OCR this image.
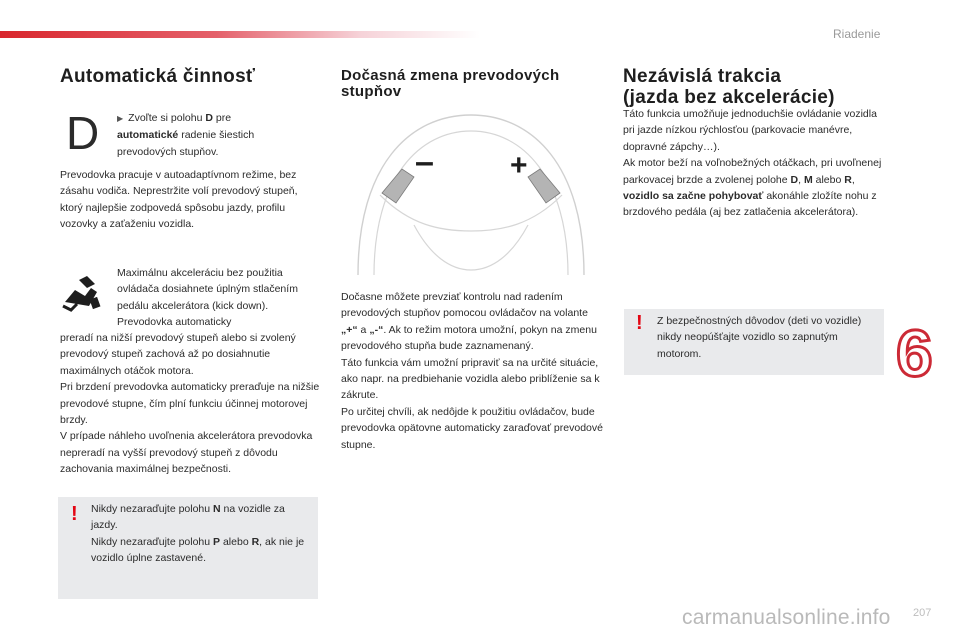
Riadenie
6
Automatická činnosť
D ▶ Zvoľte si polohu D pre
automatické radenie šiestich prevodových stupňov.
Prevodovka pracuje v autoadaptívnom režime, bez zásahu vodiča. Neprestržite volí prevodový stupeň, ktorý najlepšie zodpovedá spôsobu jazdy, profilu vozovky a zaťaženiu vozidla.
Maximálnu akceleráciu bez použitia ovládača dosiahnete úplným stlačením pedálu akcelerátora (kick down). Prevodovka automaticky
preradí na nižší prevodový stupeň alebo si zvolený prevodový stupeň zachová až po dosiahnutie maximálnych otáčok motora.
Pri brzdení prevodovka automaticky preraďuje na nižšie prevodové stupne, čím plní funkciu účinnej motorovej brzdy.
V prípade náhleho uvoľnenia akcelerátora prevodovka nepreradí na vyšší prevodový stupeň z dôvodu zachovania maximálnej bezpečnosti.
! Nikdy nezaraďujte polohu N na vozidle za jazdy.
Nikdy nezaraďujte polohu P alebo R, ak nie je vozidlo úplne zastavené.
Dočasná zmena prevodových stupňov
–	+
Dočasne môžete prevziať kontrolu nad radením prevodových stupňov pomocou ovládačov na volante „+“ a „-“. Ak to režim motora umožní, pokyn na zmenu prevodového stupňa bude zaznamenaný.
Táto funkcia vám umožní pripraviť sa na určité situácie, ako napr. na predbiehanie vozidla alebo priblíženie sa k zákrute.
Po určitej chvíli, ak nedôjde k použitiu ovládačov, bude prevodovka opätovne automaticky zaraďovať prevodové stupne.
Nezávislá trakcia
(jazda bez akcelerácie)
Táto funkcia umožňuje jednoduchšie ovládanie vozidla pri jazde nízkou rýchlosťou (parkovacie manévre, dopravné zápchy…).
Ak motor beží na voľnobežných otáčkach, pri uvoľnenej parkovacej brzde a zvolenej polohe D, M alebo R, vozidlo sa začne pohybovať akonáhle zložíte nohu z brzdového pedála (aj bez zatlačenia akcelerátora).
! Z bezpečnostných dôvodov (deti vo vozidle) nikdy neopúšťajte vozidlo so zapnutým motorom.
carmanualsonline.info 207
